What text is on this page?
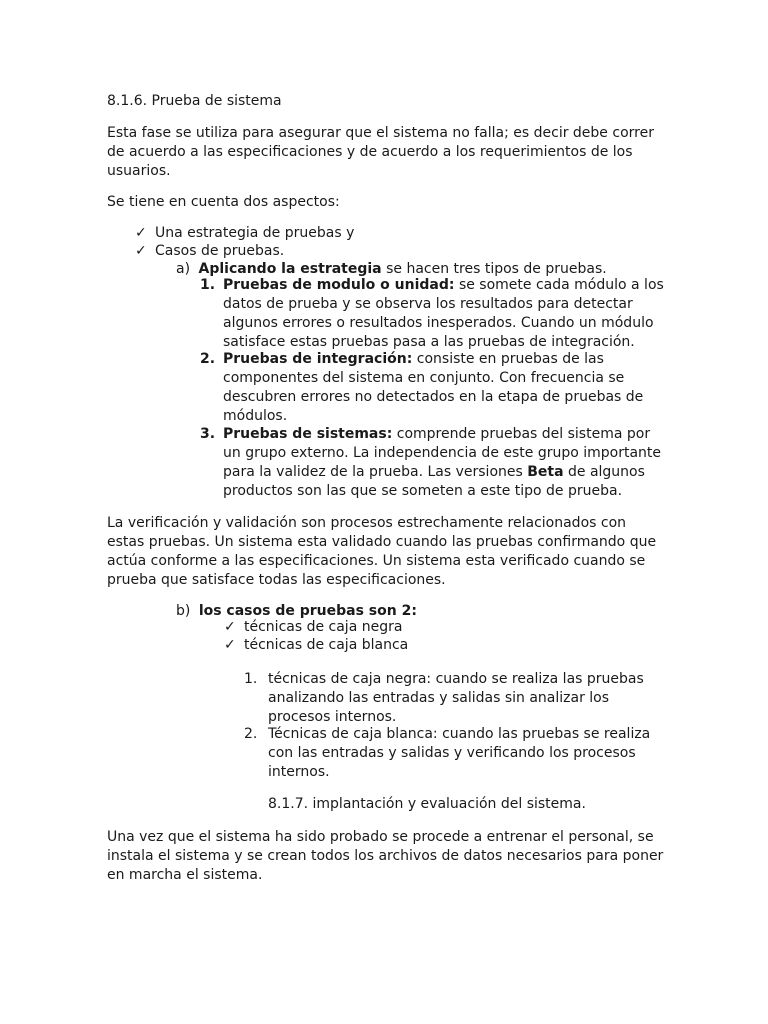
8.1.6. Prueba de sistema

Esta fase se utiliza para asegurar que el sistema no falla; es decir debe correr de acuerdo a las especificaciones y de acuerdo a los requerimientos de los usuarios.

Se tiene en cuenta dos aspectos:

✓ Una estrategia de pruebas y
✓ Casos de pruebas.
a) Aplicando la estrategia se hacen tres tipos de pruebas.
1. Pruebas de modulo o unidad: se somete cada módulo a los datos de prueba y se observa los resultados para detectar algunos errores o resultados inesperados. Cuando un módulo satisface estas pruebas pasa a las pruebas de integración.
2. Pruebas de integración: consiste en pruebas de las componentes del sistema en conjunto. Con frecuencia se descubren errores no detectados en la etapa de pruebas de módulos.
3. Pruebas de sistemas: comprende pruebas del sistema por un grupo externo. La independencia de este grupo importante para la validez de la prueba. Las versiones Beta de algunos productos son las que se someten a este tipo de prueba.

La verificación y validación son procesos estrechamente relacionados con estas pruebas. Un sistema esta validado cuando las pruebas confirmando que actúa conforme a las especificaciones. Un sistema esta verificado cuando se prueba que satisface todas las especificaciones.

b) los casos de pruebas son 2:
✓ técnicas de caja negra
✓ técnicas de caja blanca
1. técnicas de caja negra: cuando se realiza las pruebas analizando las entradas y salidas sin analizar los procesos internos.
2. Técnicas de caja blanca: cuando las pruebas se realiza con las entradas y salidas y verificando los procesos internos.

8.1.7. implantación y evaluación del sistema.

Una vez que el sistema ha sido probado se procede a entrenar el personal, se instala el sistema y se crean todos los archivos de datos necesarios para poner en marcha el sistema.
